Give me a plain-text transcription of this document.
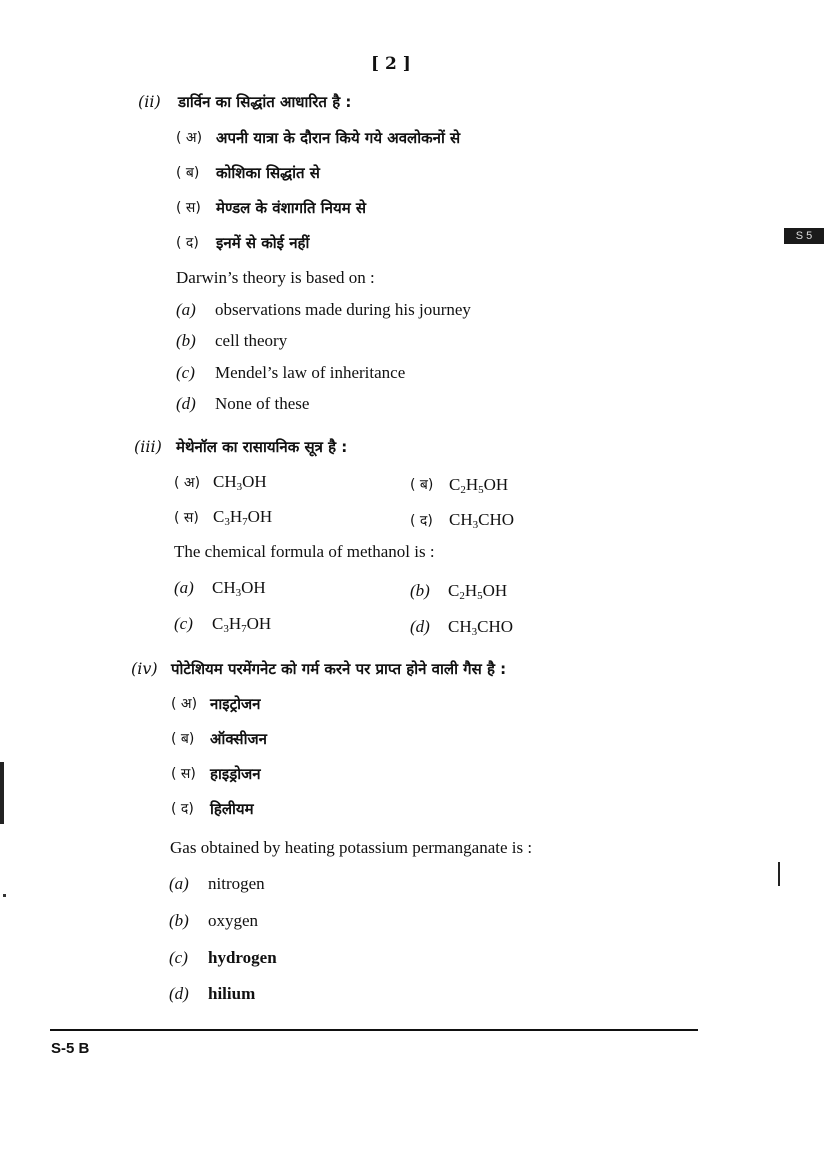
[ 2 ]
S 5
(ii) डार्विन का सिद्धांत आधारित है :
( अ) अपनी यात्रा के दौरान किये गये अवलोकनों से
( ब) कोशिका सिद्धांत से
( स) मेण्डल के वंशागति नियम से
( द) इनमें से कोई नहीं
Darwin’s theory is based on :
(a) observations made during his journey
(b) cell theory
(c) Mendel’s law of inheritance
(d) None of these
(iii) मेथेनॉल का रासायनिक सूत्र है :
( अ) $CH_3OH$	( ब) $C_2H_5OH$
( स) $C_3H_7OH$	( द) $CH_3CHO$
The chemical formula of methanol is :
(a) $CH_3OH$	(b) $C_2H_5OH$
(c) $C_3H_7OH$	(d) $CH_3CHO$
(iv) पोटेशियम परमेंगनेट को गर्म करने पर प्राप्त होने वाली गैस है :
( अ) नाइट्रोजन
( ब) ऑक्सीजन
( स) हाइड्रोजन
( द) हिलीयम
Gas obtained by heating potassium permanganate is :
(a) nitrogen
(b) oxygen
(c) hydrogen
(d) hilium
S-5 B
